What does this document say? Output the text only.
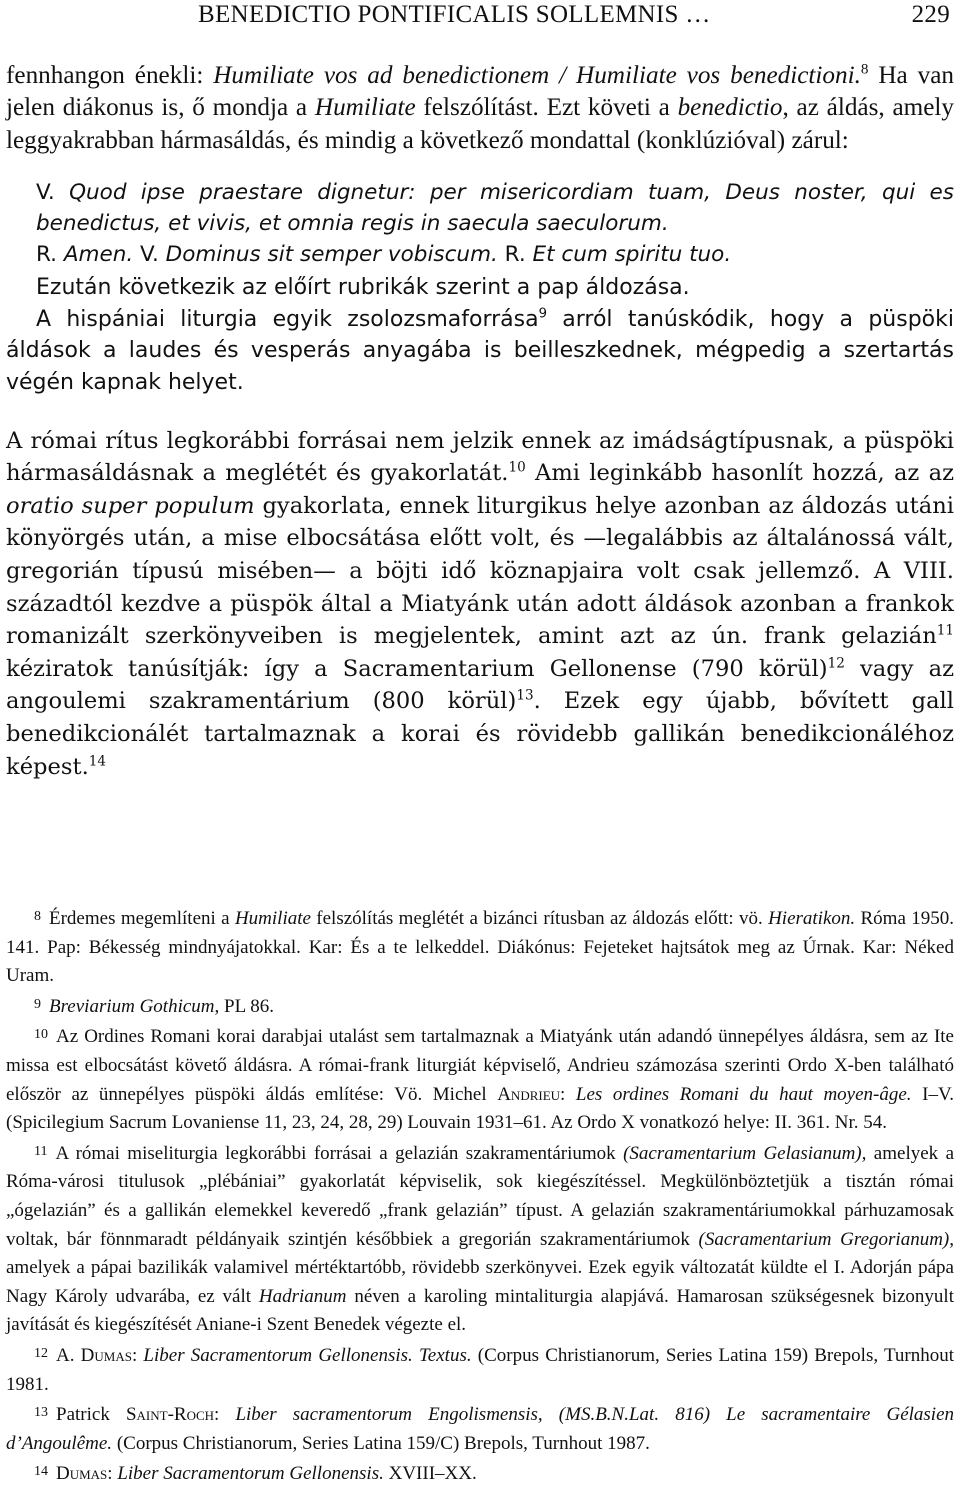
BENEDICTIO PONTIFICALIS SOLLEMNIS …	229

fennhangon énekli: Humiliate vos ad benedictionem / Humiliate vos benedictioni.$^8$ Ha van jelen diákonus is, ő mondja a Humiliate felszólítást. Ezt követi a benedictio, az áldás, amely leggyakrabban hármasáldás, és mindig a következő mondattal (konklúzióval) zárul:

V. Quod ipse praestare dignetur: per misericordiam tuam, Deus noster, qui es benedictus, et vivis, et omnia regis in saecula saeculorum.
R. Amen. V. Dominus sit semper vobiscum. R. Et cum spiritu tuo.

Ezután következik az előírt rubrikák szerint a pap áldozása.

A hispániai liturgia egyik zsolozsmaforrása$^9$ arról tanúskódik, hogy a püspöki áldások a laudes és vesperás anyagába is beilleszkednek, mégpedig a szertartás végén kapnak helyet.

A római rítus legkorábbi forrásai nem jelzik ennek az imádságtípusnak, a püspöki hármasáldásnak a meglétét és gyakorlatát.$^{10}$ Ami leginkább hasonlít hozzá, az az oratio super populum gyakorlata, ennek liturgikus helye azonban az áldozás utáni könyörgés után, a mise elbocsátása előtt volt, és —legalábbis az általánossá vált, gregorián típusú misében— a böjti idő köznapjaira volt csak jellemző. A VIII. századtól kezdve a püspök által a Miatyánk után adott áldások azonban a frankok romanizált szerkönyveiben is megjelentek, amint azt az ún. frank gelazián$^{11}$ kéziratok tanúsítják: így a Sacramentarium Gellonense (790 körül)$^{12}$ vagy az angoulemi szakramentárium (800 körül)$^{13}$. Ezek egy újabb, bővített gall benedikcionálét tartalmaznak a korai és rövidebb gallikán benedikcionáléhoz képest.$^{14}$

8 Érdemes megemlíteni a Humiliate felszólítás meglétét a bizánci rítusban az áldozás előtt: vö. Hieratikon. Róma 1950. 141. Pap: Békesség mindnyájatokkal. Kar: És a te lelkeddel. Diákónus: Fejeteket hajtsátok meg az Úrnak. Kar: Néked Uram.

9 Breviarium Gothicum, PL 86.

10 Az Ordines Romani korai darabjai utalást sem tartalmaznak a Miatyánk után adandó ünnepélyes áldásra, sem az Ite missa est elbocsátást követő áldásra. A római-frank liturgiát képviselő, Andrieu számozása szerinti Ordo X-ben található először az ünnepélyes püspöki áldás említése: Vö. Michel Andrieu: Les ordines Romani du haut moyen-âge. I–V. (Spicilegium Sacrum Lovaniense 11, 23, 24, 28, 29) Louvain 1931–61. Az Ordo X vonatkozó helye: II. 361. Nr. 54.

11 A római miseliturgia legkorábbi forrásai a gelazián szakramentáriumok (Sacramentarium Gelasianum), amelyek a Róma-városi titulusok „plébániai” gyakorlatát képviselik, sok kiegészítéssel. Megkülönböztetjük a tisztán római „ógelazián” és a gallikán elemekkel keveredő „frank gelazián” típust. A gelazián szakramentáriumokkal párhuzamosak voltak, bár fönnmaradt példányaik szintjén későbbiek a gregorián szakramentáriumok (Sacramentarium Gregorianum), amelyek a pápai bazilikák valamivel mértéktartóbb, rövidebb szerkönyvei. Ezek egyik változatát küldte el I. Adorján pápa Nagy Károly udvarába, ez vált Hadrianum néven a karoling mintaliturgia alapjává. Hamarosan szükségesnek bizonyult javítását és kiegészítését Aniane-i Szent Benedek végezte el.

12 A. Dumas: Liber Sacramentorum Gellonensis. Textus. (Corpus Christianorum, Series Latina 159) Brepols, Turnhout 1981.

13 Patrick Saint-Roch: Liber sacramentorum Engolismensis, (MS.B.N.Lat. 816) Le sacramentaire Gélasien d’Angoulême. (Corpus Christianorum, Series Latina 159/C) Brepols, Turnhout 1987.

14 Dumas: Liber Sacramentorum Gellonensis. XVIII–XX.
